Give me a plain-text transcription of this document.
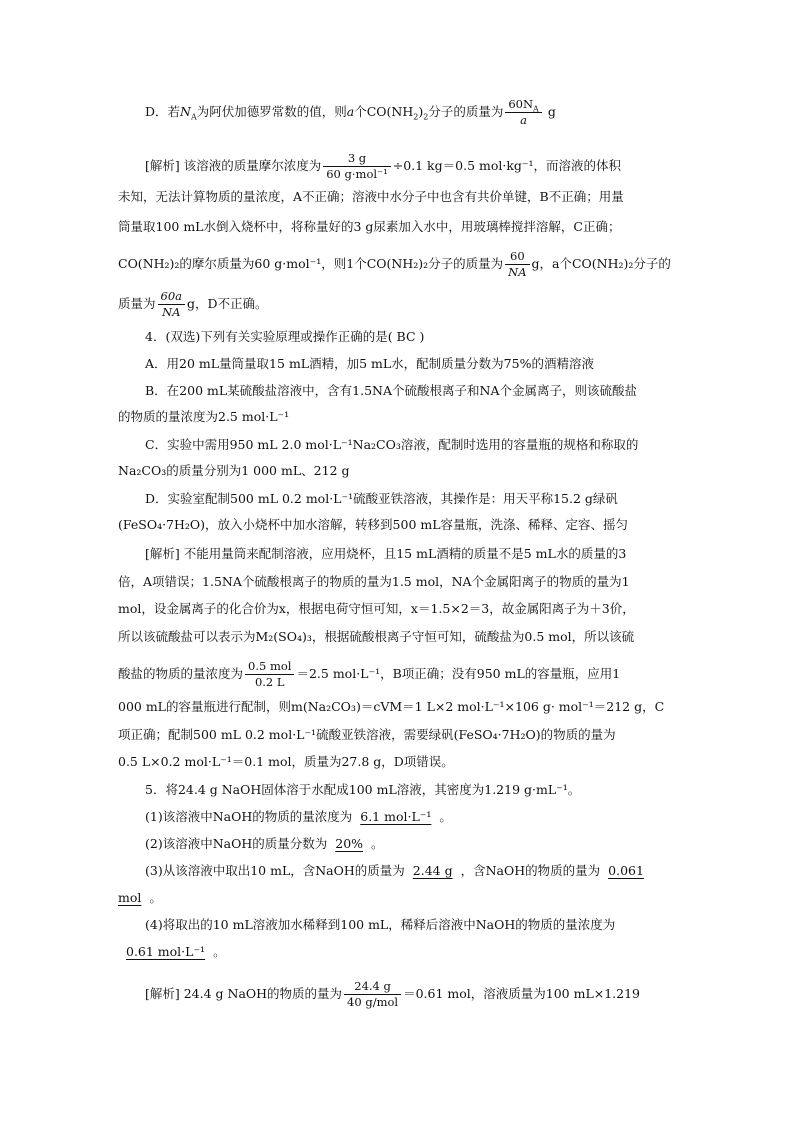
D．若$N_A$为阿伏加德罗常数的值，则a个$CO(NH_2)_2$分子的质量为 $\frac{60N_A}{a}$ g
[解析] 该溶液的质量摩尔浓度为 $\frac{3 g}{\text{60 g·mol⁻¹}} \div 0.1$ kg＝0.5 mol·kg⁻¹，而溶液的体积
未知，无法计算物质的量浓度，A不正确；溶液中水分子中也含有共价单键，B不正确；用量
筒量取100 mL水倒入烧杯中，将称量好的3 g尿素加入水中，用玻璃棒搅拌溶解，C正确；
CO(NH₂)₂的摩尔质量为60 g·mol⁻¹，则1个CO(NH₂)₂分子的质量为 $\frac{60}{NA}$ g，a个CO(NH₂)₂分子的
质量为 $\frac{60a}{NA}$ g，D不正确。
4．(双选)下列有关实验原理或操作正确的是( BC )
A．用20 mL量筒量取15 mL酒精，加5 mL水，配制质量分数为75%的酒精溶液
B．在200 mL某硫酸盐溶液中，含有1.5NA个硫酸根离子和NA个金属离子，则该硫酸盐
的物质的量浓度为2.5 mol·L⁻¹
C．实验中需用950 mL 2.0 mol·L⁻¹Na₂CO₃溶液，配制时选用的容量瓶的规格和称取的
Na₂CO₃的质量分别为1 000 mL、212 g
D．实验室配制500 mL 0.2 mol·L⁻¹硫酸亚铁溶液，其操作是：用天平称15.2 g绿矾
(FeSO₄·7H₂O)，放入小烧杯中加水溶解，转移到500 mL容量瓶，洗涤、稀释、定容、摇匀
[解析] 不能用量筒来配制溶液，应用烧杯，且15 mL酒精的质量不是5 mL水的质量的3
倍，A项错误；1.5NA个硫酸根离子的物质的量为1.5 mol，NA个金属阳离子的物质的量为1
mol，设金属离子的化合价为x，根据电荷守恒可知，x＝1.5×2＝3，故金属阳离子为＋3价，
所以该硫酸盐可以表示为M₂(SO₄)₃，根据硫酸根离子守恒可知，硫酸盐为0.5 mol，所以该硫
酸盐的物质的量浓度为 $\frac{\text{0.5 mol}}{0.2 L} =2.5$ mol·L⁻¹，B项正确；没有950 mL的容量瓶，应用1
000 mL的容量瓶进行配制，则m(Na₂CO₃)＝cVM＝1 L×2 mol·L⁻¹×106 g· mol⁻¹＝212 g，C
项正确；配制500 mL 0.2 mol·L⁻¹硫酸亚铁溶液，需要绿矾(FeSO₄·7H₂O)的物质的量为
0.5 L×0.2 mol·L⁻¹＝0.1 mol，质量为27.8 g，D项错误。
5．将24.4 g NaOH固体溶于水配成100 mL溶液，其密度为1.219 g·mL⁻¹。
(1)该溶液中NaOH的物质的量浓度为 6.1 mol·L⁻¹ 。
(2)该溶液中NaOH的质量分数为 20% 。
(3)从该溶液中取出10 mL，含NaOH的质量为 2.44 g ，含NaOH的物质的量为 0.061
mol 。
(4)将取出的10 mL溶液加水稀释到100 mL，稀释后溶液中NaOH的物质的量浓度为
0.61 mol·L⁻¹ 。
[解析] 24.4 g NaOH的物质的量为 $\frac{24.4 g}{\text{40 g/mol}} =0.61$ mol，溶液质量为100 mL×1.219
